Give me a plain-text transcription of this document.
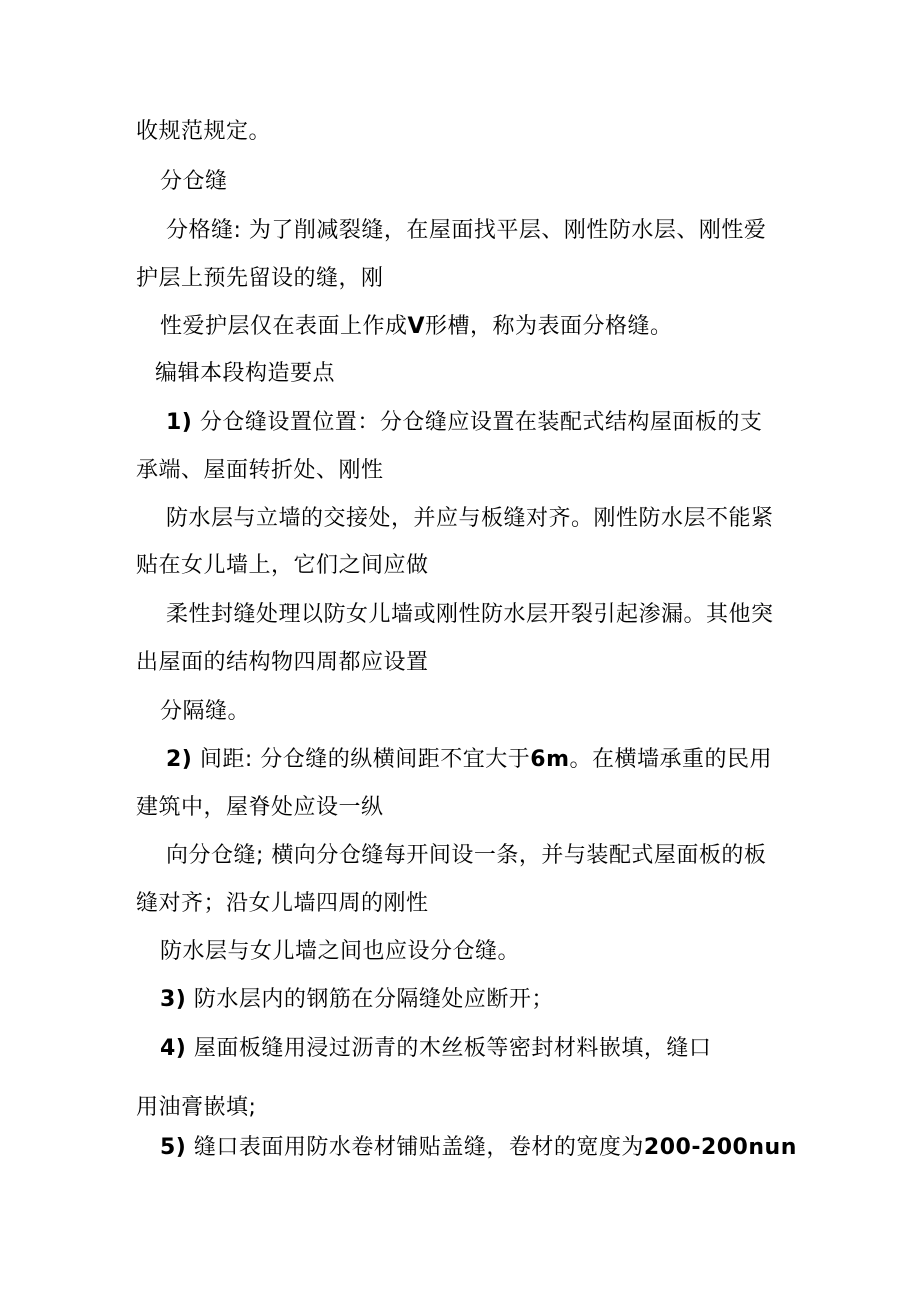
收规范规定。
分仓缝
分格缝: 为了削减裂缝，在屋面找平层、刚性防水层、刚性爱
护层上预先留设的缝，刚
性爱护层仅在表面上作成V形槽，称为表面分格缝。
编辑本段构造要点
1) 分仓缝设置位置：分仓缝应设置在装配式结构屋面板的支
承端、屋面转折处、刚性
防水层与立墙的交接处，并应与板缝对齐。刚性防水层不能紧
贴在女儿墙上，它们之间应做
柔性封缝处理以防女儿墙或刚性防水层开裂引起渗漏。其他突
出屋面的结构物四周都应设置
分隔缝。
2) 间距: 分仓缝的纵横间距不宜大于6m。在横墙承重的民用
建筑中，屋脊处应设一纵
向分仓缝; 横向分仓缝每开间设一条，并与装配式屋面板的板
缝对齐；沿女儿墙四周的刚性
防水层与女儿墙之间也应设分仓缝。
3) 防水层内的钢筋在分隔缝处应断开；
4) 屋面板缝用浸过沥青的木丝板等密封材料嵌填，缝口
用油膏嵌填;
5) 缝口表面用防水卷材铺贴盖缝，卷材的宽度为200-200nun
